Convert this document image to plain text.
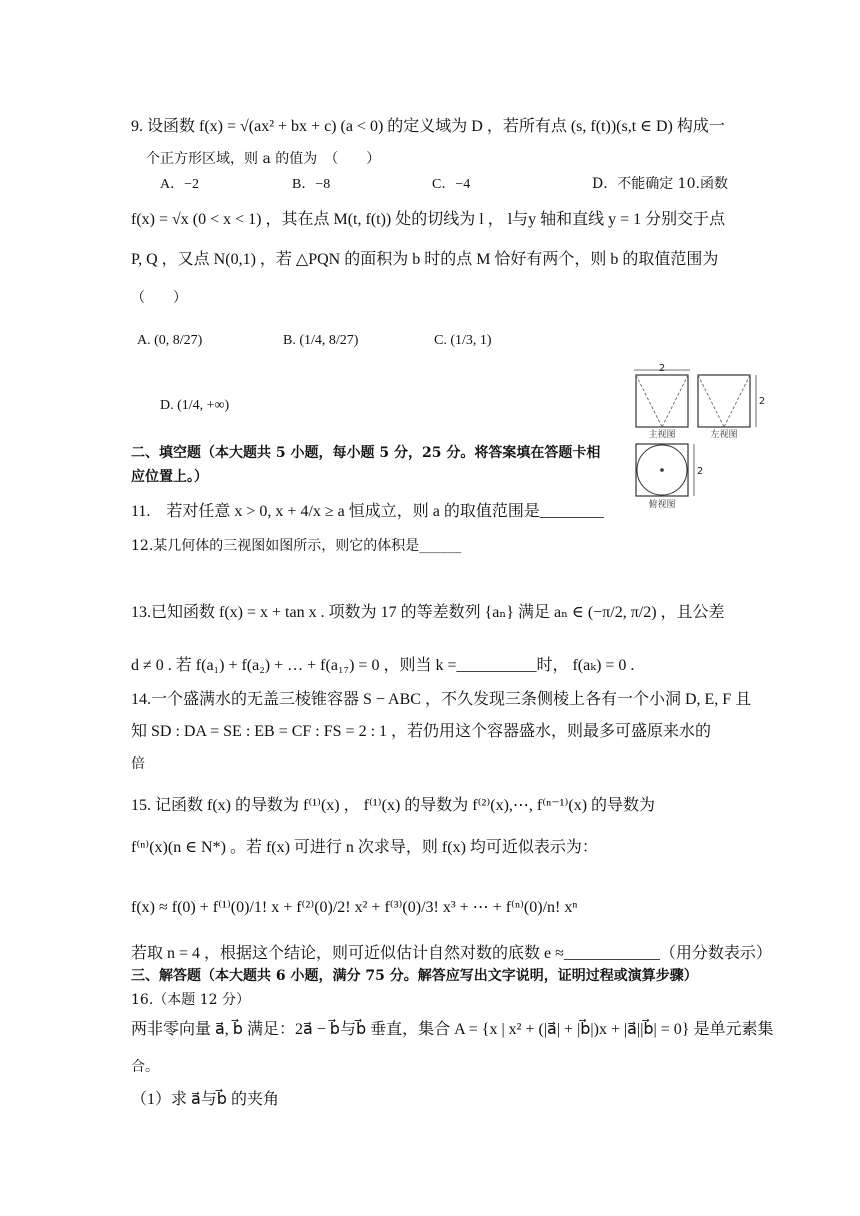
9. 设函数 f(x) = √(ax² + bx + c) (a < 0) 的定义域为 D ，若所有点 (s, f(t))(s,t ∈ D) 构成一
个正方形区域，则 a 的值为　（　　）
A．−2	B．−8	C．−4	D．不能确定 10.函数
f(x) = √x (0 < x < 1) ，其在点 M(t, f(t)) 处的切线为 l ， l与y 轴和直线 y = 1 分别交于点
P, Q ，又点 N(0,1) ，若 △PQN 的面积为 b 时的点 M 恰好有两个，则 b 的取值范围为
（　　）
A. (0, 8/27)	B. (1/4, 8/27)	C. (1/3, 1)
D. (1/4, +∞)
2
主视图
2
左视图
2
俯视图
二、填空题（本大题共 5 小题，每小题 5 分，25 分。将答案填在答题卡相
应位置上。）
11.　若对任意 x > 0, x + 4/x ≥ a 恒成立，则 a 的取值范围是________
12.某几何体的三视图如图所示，则它的体积是______
13.已知函数 f(x) = x + tan x . 项数为 17 的等差数列 {aₙ} 满足 aₙ ∈ (−π/2, π/2) ，且公差
d ≠ 0 . 若 f(a₁) + f(a₂) + … + f(a₁₇) = 0 ，则当 k =__________时， f(aₖ) = 0 .
14.一个盛满水的无盖三棱锥容器 S − ABC ，不久发现三条侧棱上各有一个小洞 D, E, F 且
知 SD : DA = SE : EB = CF : FS = 2 : 1 ，若仍用这个容器盛水，则最多可盛原来水的
倍
15. 记函数 f(x) 的导数为 f⁽¹⁾(x) ， f⁽¹⁾(x) 的导数为 f⁽²⁾(x),⋯, f⁽ⁿ⁻¹⁾(x) 的导数为
f⁽ⁿ⁾(x)(n ∈ N*) 。若 f(x) 可进行 n 次求导，则 f(x) 均可近似表示为：
f(x) ≈ f(0) + f⁽¹⁾(0)/1! x + f⁽²⁾(0)/2! x² + f⁽³⁾(0)/3! x³ + ⋯ + f⁽ⁿ⁾(0)/n! xⁿ
若取 n = 4 ，根据这个结论，则可近似估计自然对数的底数 e ≈____________（用分数表示）
三、解答题（本大题共 6 小题，满分 75 分。解答应写出文字说明，证明过程或演算步骤）
16.（本题 12 分）
两非零向量 a⃗, b⃗ 满足：2a⃗ − b⃗与b⃗ 垂直，集合 A = {x | x² + (|a⃗| + |b⃗|)x + |a⃗||b⃗| = 0} 是单元素集
合。
（1）求 a⃗与b⃗ 的夹角
